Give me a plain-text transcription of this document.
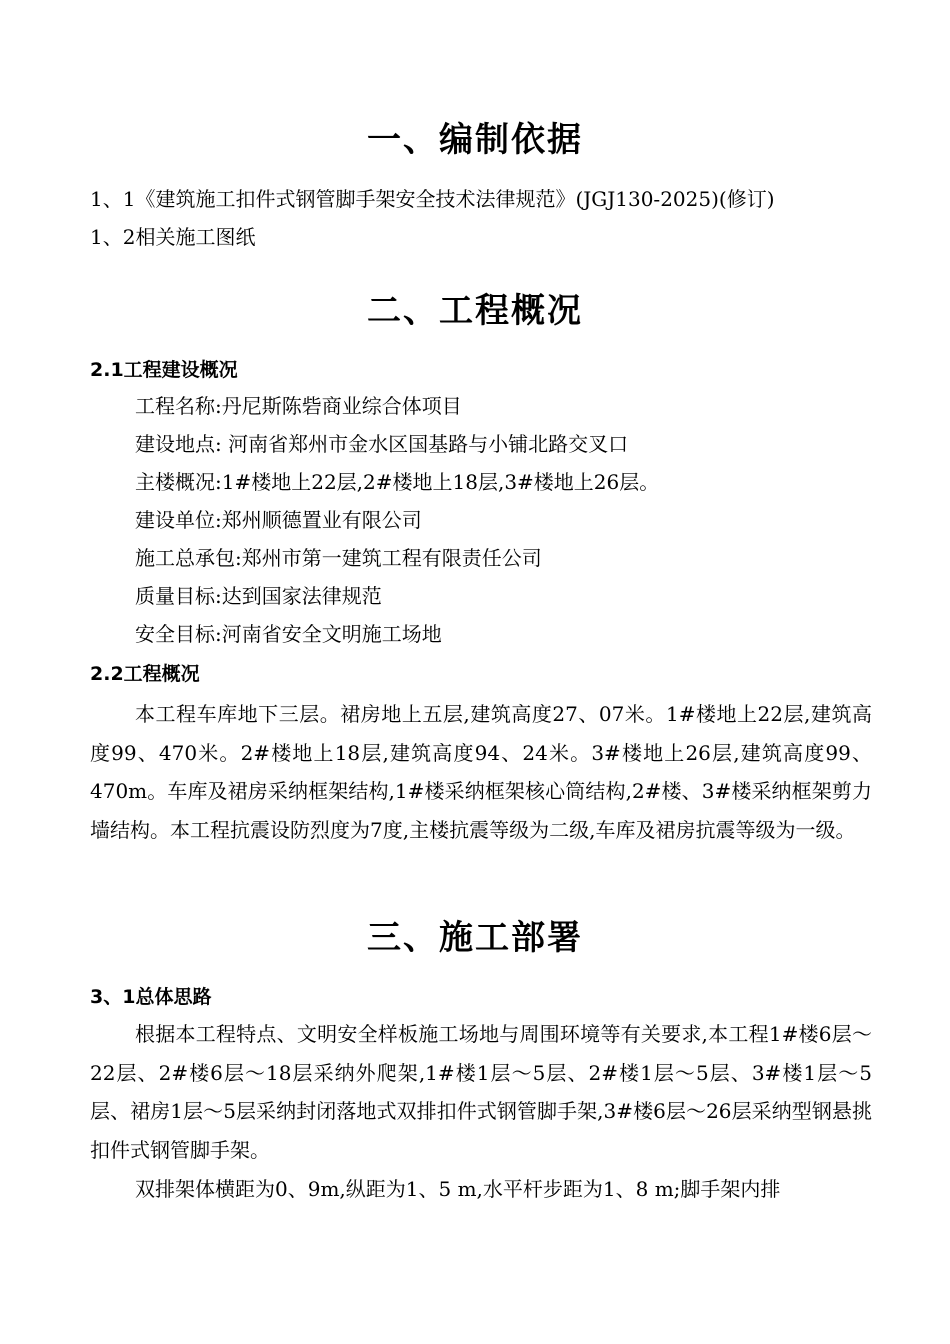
一、编制依据
1、1《建筑施工扣件式钢管脚手架安全技术法律规范》(JGJ130-2025)(修订)
1、2相关施工图纸
二、工程概况
2.1工程建设概况
工程名称:丹尼斯陈砦商业综合体项目
建设地点: 河南省郑州市金水区国基路与小铺北路交叉口
主楼概况:1#楼地上22层,2#楼地上18层,3#楼地上26层。
建设单位:郑州顺德置业有限公司
施工总承包:郑州市第一建筑工程有限责任公司
质量目标:达到国家法律规范
安全目标:河南省安全文明施工场地
2.2工程概况

本工程车库地下三层。裙房地上五层,建筑高度27、07米。1#楼地上22层,建筑高度99、470米。2#楼地上18层,建筑高度94、24米。3#楼地上26层,建筑高度99、470m。车库及裙房采纳框架结构,1#楼采纳框架核心筒结构,2#楼、3#楼采纳框架剪力墙结构。本工程抗震设防烈度为7度,主楼抗震等级为二级,车库及裙房抗震等级为一级。

三、施工部署
3、1总体思路

根据本工程特点、文明安全样板施工场地与周围环境等有关要求,本工程1#楼6层～22层、2#楼6层～18层采纳外爬架,1#楼1层～5层、2#楼1层～5层、3#楼1层～5层、裙房1层～5层采纳封闭落地式双排扣件式钢管脚手架,3#楼6层～26层采纳型钢悬挑扣件式钢管脚手架。

双排架体横距为0、9m,纵距为1、5 m,水平杆步距为1、8 m;脚手架内排
